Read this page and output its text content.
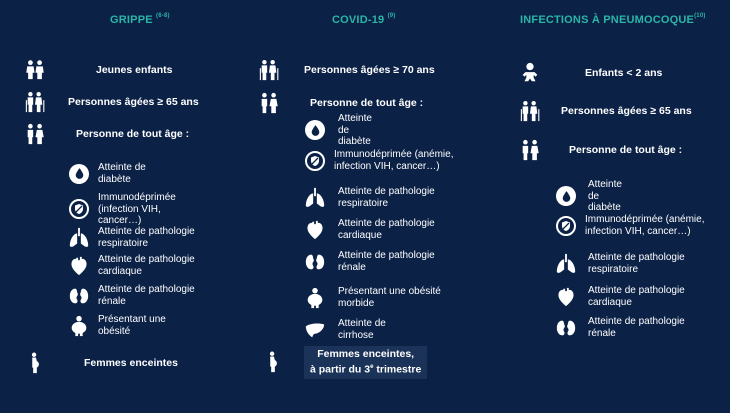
GRIPPE $^{(6-8)}$
Jeunes enfants
Personnes âgées ≥ 65 ans
Personne de tout âge :
Atteinte de diabète
Immunodéprimée (infection VIH, cancer…)
Atteinte de pathologie respiratoire
Atteinte de pathologie cardiaque
Atteinte de pathologie rénale
Présentant une obésité
Femmes enceintes
COVID-19 $^{(9)}$
Personnes âgées ≥ 70 ans
Personne de tout âge :
Atteinte de diabète
Immunodéprimée (anémie, infection VIH, cancer…)
Atteinte de pathologie respiratoire
Atteinte de pathologie cardiaque
Atteinte de pathologie rénale
Présentant une obésité morbide
Atteinte de cirrhose
Femmes enceintes,
à partir du 3e trimestre
INFECTIONS À PNEUMOCOQUE$^{(10)}$
Enfants < 2 ans
Personnes âgées ≥ 65 ans
Personne de tout âge :
Atteinte de diabète
Immunodéprimée (anémie, infection VIH, cancer…)
Atteinte de pathologie respiratoire
Atteinte de pathologie cardiaque
Atteinte de pathologie rénale
